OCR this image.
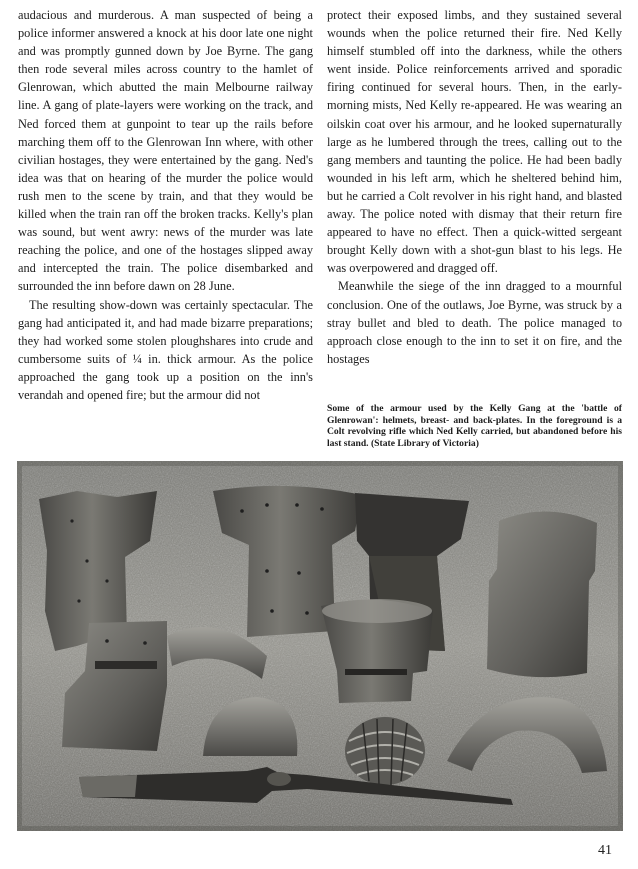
audacious and murderous. A man suspected of being a police informer answered a knock at his door late one night and was promptly gunned down by Joe Byrne. The gang then rode several miles across country to the hamlet of Glenrowan, which abutted the main Melbourne railway line. A gang of plate-layers were working on the track, and Ned forced them at gunpoint to tear up the rails before marching them off to the Glenrowan Inn where, with other civilian hostages, they were entertained by the gang. Ned's idea was that on hearing of the murder the police would rush men to the scene by train, and that they would be killed when the train ran off the broken tracks. Kelly's plan was sound, but went awry: news of the murder was late reaching the police, and one of the hostages slipped away and intercepted the train. The police disembarked and surrounded the inn before dawn on 28 June.

The resulting show-down was certainly spectacular. The gang had anticipated it, and had made bizarre preparations; they had worked some stolen ploughshares into crude and cumbersome suits of ¼ in. thick armour. As the police approached the gang took up a position on the inn's verandah and opened fire; but the armour did not

protect their exposed limbs, and they sustained several wounds when the police returned their fire. Ned Kelly himself stumbled off into the darkness, while the others went inside. Police reinforcements arrived and sporadic firing continued for several hours. Then, in the early-morning mists, Ned Kelly re-appeared. He was wearing an oilskin coat over his armour, and he looked supernaturally large as he lumbered through the trees, calling out to the gang members and taunting the police. He had been badly wounded in his left arm, which he sheltered behind him, but he carried a Colt revolver in his right hand, and blasted away. The police noted with dismay that their return fire appeared to have no effect. Then a quick-witted sergeant brought Kelly down with a shot-gun blast to his legs. He was overpowered and dragged off.

Meanwhile the siege of the inn dragged to a mournful conclusion. One of the outlaws, Joe Byrne, was struck by a stray bullet and bled to death. The police managed to approach close enough to the inn to set it on fire, and the hostages

Some of the armour used by the Kelly Gang at the 'battle of Glenrowan': helmets, breast- and back-plates. In the foreground is a Colt revolving rifle which Ned Kelly carried, but abandoned before his last stand. (State Library of Victoria)

41
